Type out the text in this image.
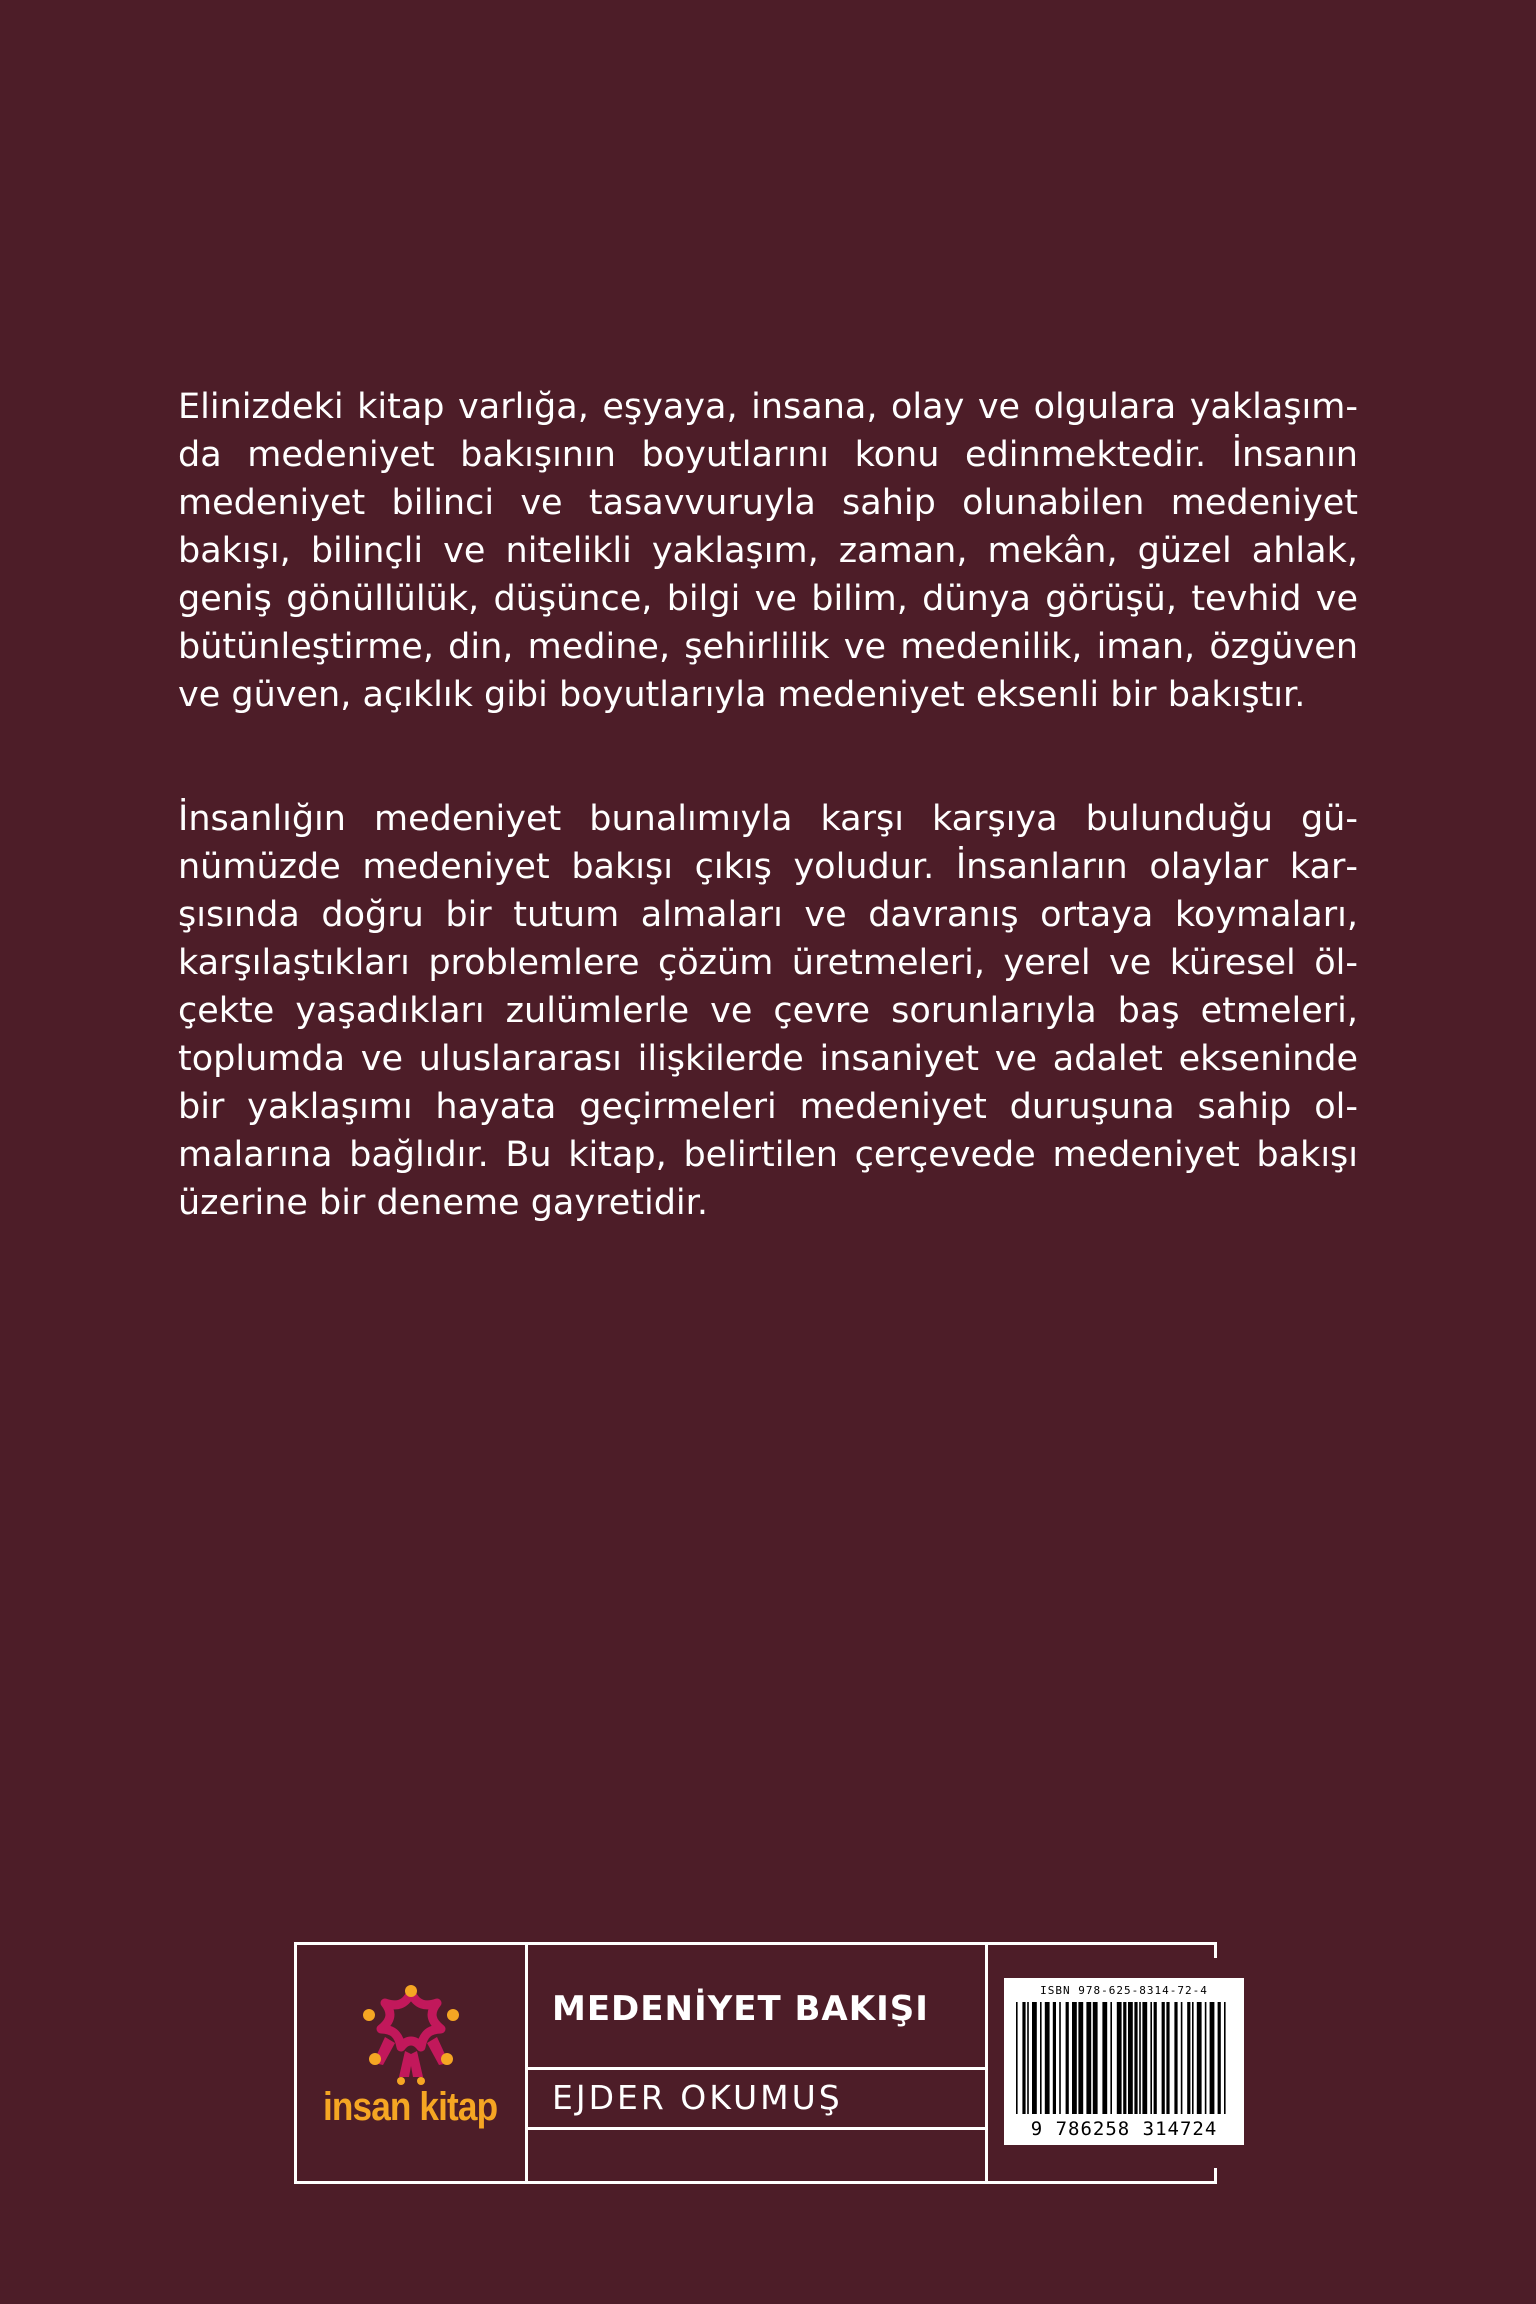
Elinizdeki kitap varlığa, eşyaya, insana, olay ve olgulara yaklaşımda medeniyet bakışının boyutlarını konu edinmektedir. İnsanın medeniyet bilinci ve tasavvuruyla sahip olunabilen medeniyet bakışı, bilinçli ve nitelikli yaklaşım, zaman, mekân, güzel ahlak, geniş gönüllülük, düşünce, bilgi ve bilim, dünya görüşü, tevhid ve bütünleştirme, din, medine, şehirlilik ve medenilik, iman, özgüven ve güven, açıklık gibi boyutlarıyla medeniyet eksenli bir bakıştır.

İnsanlığın medeniyet bunalımıyla karşı karşıya bulunduğu günümüzde medeniyet bakışı çıkış yoludur. İnsanların olaylar karşısında doğru bir tutum almaları ve davranış ortaya koymaları, karşılaştıkları problemlere çözüm üretmeleri, yerel ve küresel ölçekte yaşadıkları zulümlerle ve çevre sorunlarıyla baş etmeleri, toplumda ve uluslararası ilişkilerde insaniyet ve adalet ekseninde bir yaklaşımı hayata geçirmeleri medeniyet duruşuna sahip olmalarına bağlıdır. Bu kitap, belirtilen çerçevede medeniyet bakışı üzerine bir deneme gayretidir.

insan kitap
MEDENİYET BAKIŞI
EJDER OKUMUŞ
ISBN 978-625-8314-72-4
9 786258 314724
